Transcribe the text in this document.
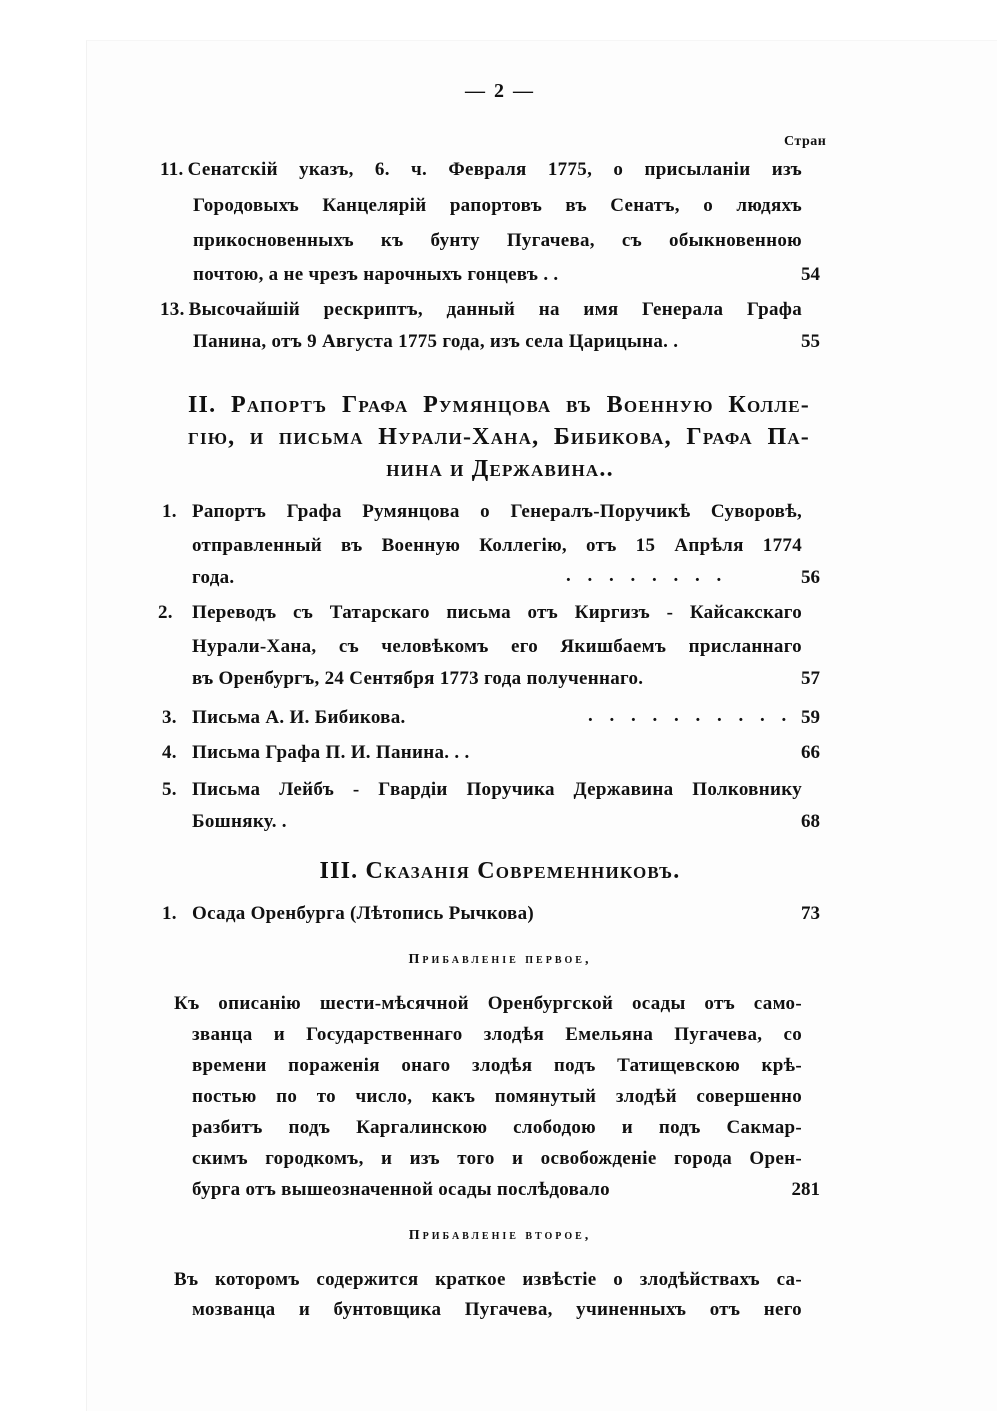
— 2 —
Стран
11. Сенатскій указъ, 6. ч. Февраля 1775, о присыланіи изъ
Городовыхъ Канцелярій рапортовъ въ Сенатъ, о людяхъ
прикосновенныхъ къ бунту Пугачева, съ обыкновенною
почтою, а не чрезъ нарочныхъ гонцевъ . .	54
13. Высочайшій рескриптъ, данный на имя Генерала Графа
Панина, отъ 9 Августа 1775 года, изъ села Царицына. .	55
II. Рапортъ Графа Румянцова въ Военную Колле-
гію, и письма Нурали-Хана, Бибикова, Графа Па-
нина и Державина..
1. Рапортъ Графа Румянцова о Генералъ-Поручикѣ Суворовѣ,
отправленный въ Военную Коллегію, отъ 15 Апрѣля 1774
года.	. . . . . . . .	56
2.	Переводъ съ Татарскаго письма отъ Киргизъ - Кайсакскаго
Нурали-Хана, съ человѣкомъ его Якишбаемъ присланнаго
въ Оренбургъ, 24 Сентября 1773 года полученнаго.	57
3. Письма А. И. Бибикова.	. . . . . . . . . . 59
4. Письма Графа П. И. Панина. . .	66
5. Письма Лейбъ - Гвардіи Поручика Державина Полковнику
Бошняку. .	68
III. Сказанія Современниковъ.
1. Осада Оренбурга (Лѣтопись Рычкова)	73
Прибавленіе первое,
Къ описанію шести-мѣсячной Оренбургской осады отъ само-
званца и Государственнаго злодѣя Емельяна Пугачева, со
времени пораженія онаго злодѣя подъ Татищевскою крѣ-
постью по то число, какъ помянутый злодѣй совершенно
разбитъ подъ Каргалинскою слободою и подъ Сакмар-
скимъ городкомъ, и изъ того и освобожденіе города Орен-
бурга отъ вышеозначенной осады послѣдовало	281
Прибавленіе второе,
Въ которомъ содержится краткое извѣстіе о злодѣйствахъ са-
мозванца и бунтовщика Пугачева, учиненныхъ отъ него
